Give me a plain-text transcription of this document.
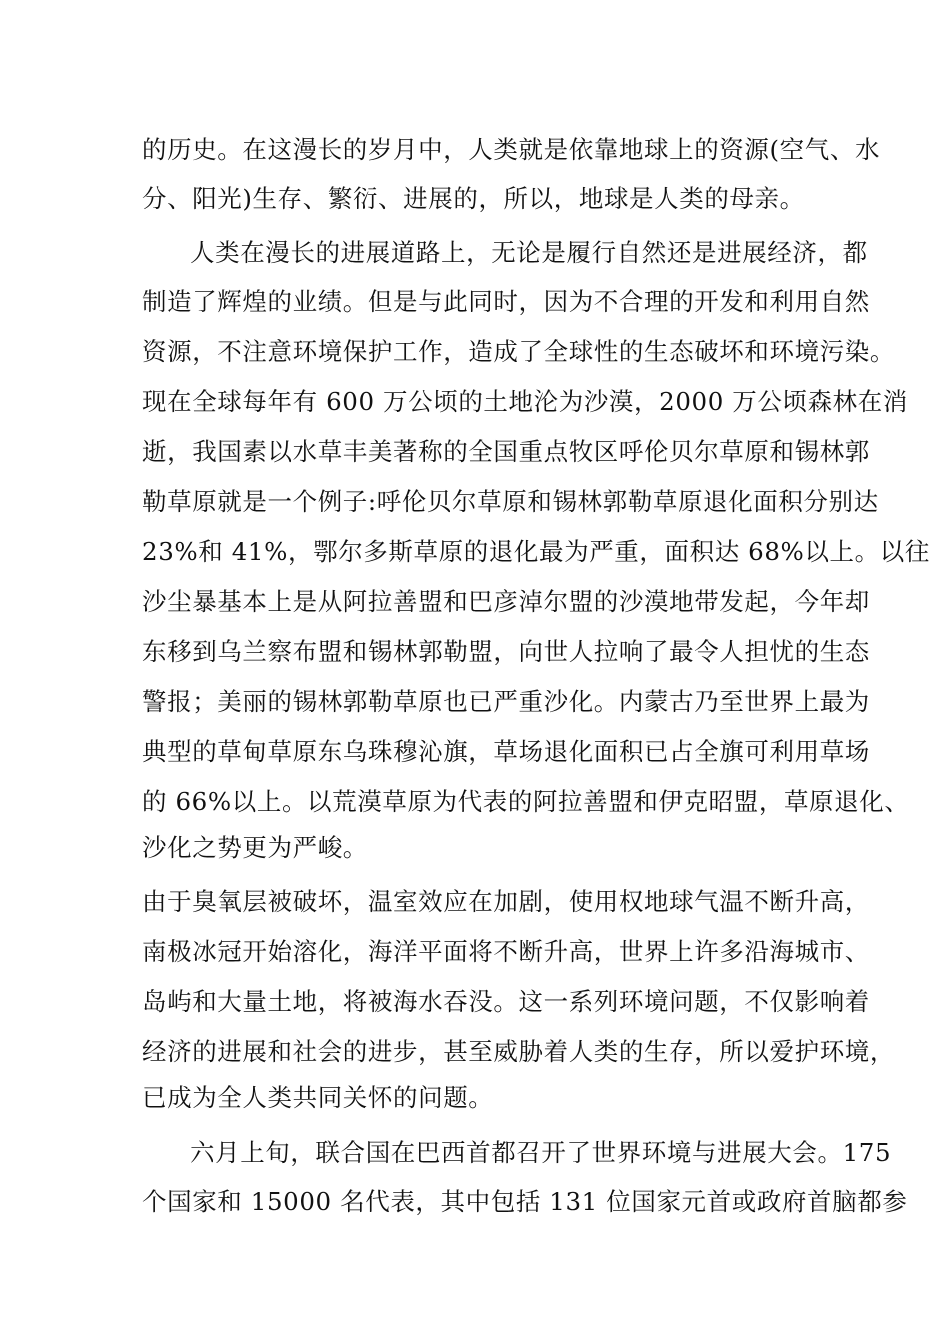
的历史。在这漫长的岁月中，人类就是依靠地球上的资源(空气、水
分、阳光)生存、繁衍、进展的，所以，地球是人类的母亲。
人类在漫长的进展道路上，无论是履行自然还是进展经济，都
制造了辉煌的业绩。但是与此同时，因为不合理的开发和利用自然
资源，不注意环境保护工作，造成了全球性的生态破坏和环境污染。
现在全球每年有 600 万公顷的土地沦为沙漠，2000 万公顷森林在消
逝，我国素以水草丰美著称的全国重点牧区呼伦贝尔草原和锡林郭
勒草原就是一个例子:呼伦贝尔草原和锡林郭勒草原退化面积分别达
23%和 41%，鄂尔多斯草原的退化最为严重，面积达 68%以上。以往
沙尘暴基本上是从阿拉善盟和巴彦淖尔盟的沙漠地带发起，今年却
东移到乌兰察布盟和锡林郭勒盟，向世人拉响了最令人担忧的生态
警报；美丽的锡林郭勒草原也已严重沙化。内蒙古乃至世界上最为
典型的草甸草原东乌珠穆沁旗，草场退化面积已占全旗可利用草场
的 66%以上。以荒漠草原为代表的阿拉善盟和伊克昭盟，草原退化、
沙化之势更为严峻。
由于臭氧层被破坏，温室效应在加剧，使用权地球气温不断升高，
南极冰冠开始溶化，海洋平面将不断升高，世界上许多沿海城市、
岛屿和大量土地，将被海水吞没。这一系列环境问题，不仅影响着
经济的进展和社会的进步，甚至威胁着人类的生存，所以爱护环境，
已成为全人类共同关怀的问题。
六月上旬，联合国在巴西首都召开了世界环境与进展大会。175
个国家和 15000 名代表，其中包括 131 位国家元首或政府首脑都参
